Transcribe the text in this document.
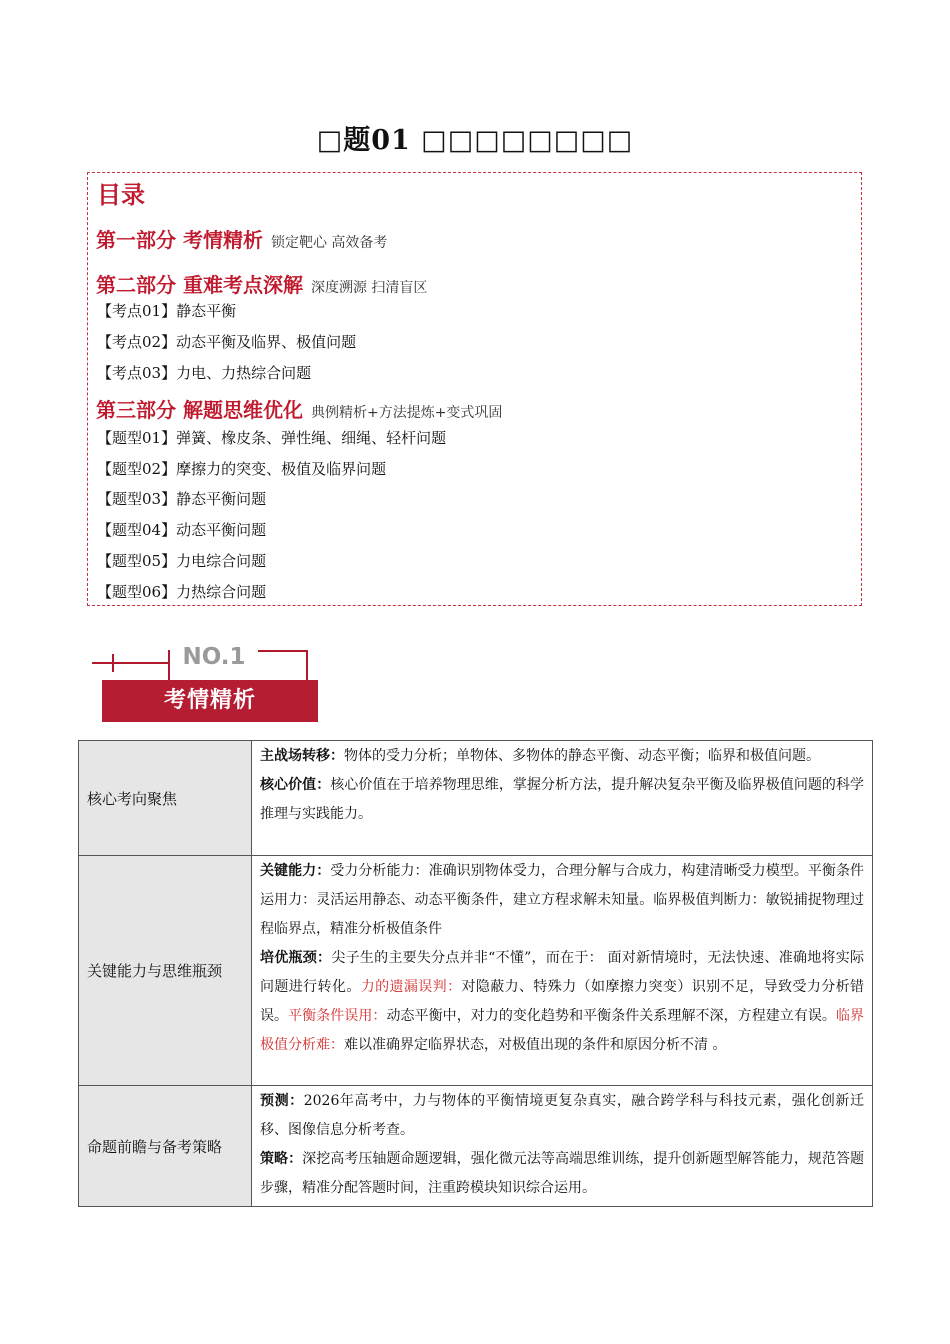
□题01 □□□□□□□□
目录
第一部分 考情精析 锁定靶心 高效备考
第二部分 重难考点深解 深度溯源 扫清盲区
【考点01】静态平衡
【考点02】动态平衡及临界、极值问题
【考点03】力电、力热综合问题
第三部分 解题思维优化 典例精析+方法提炼+变式巩固
【题型01】弹簧、橡皮条、弹性绳、细绳、轻杆问题
【题型02】摩擦力的突变、极值及临界问题
【题型03】静态平衡问题
【题型04】动态平衡问题
【题型05】力电综合问题
【题型06】力热综合问题
NO.1
考情精析
核心考向聚焦	主战场转移：物体的受力分析；单物体、多物体的静态平衡、动态平衡；临界和极值问题。

核心价值：核心价值在于培养物理思维，掌握分析方法，提升解决复杂平衡及临界极值问题的科学推理与实践能力。

关键能力与思维瓶颈	关键能力：受力分析能力：准确识别物体受力，合理分解与合成力，构建清晰受力模型。平衡条件运用力：灵活运用静态、动态平衡条件，建立方程求解未知量。临界极值判断力：敏锐捕捉物理过程临界点，精准分析极值条件

培优瓶颈：尖子生的主要失分点并非“不懂”，而在于： 面对新情境时，无法快速、准确地将实际问题进行转化。力的遗漏误判：对隐蔽力、特殊力（如摩擦力突变）识别不足，导致受力分析错误。平衡条件误用：动态平衡中，对力的变化趋势和平衡条件关系理解不深，方程建立有误。临界极值分析难：难以准确界定临界状态，对极值出现的条件和原因分析不清 。

命题前瞻与备考策略	预测：2026年高考中，力与物体的平衡情境更复杂真实，融合跨学科与科技元素，强化创新迁移、图像信息分析考查。

策略：深挖高考压轴题命题逻辑，强化微元法等高端思维训练，提升创新题型解答能力，规范答题步骤，精准分配答题时间，注重跨模块知识综合运用。
